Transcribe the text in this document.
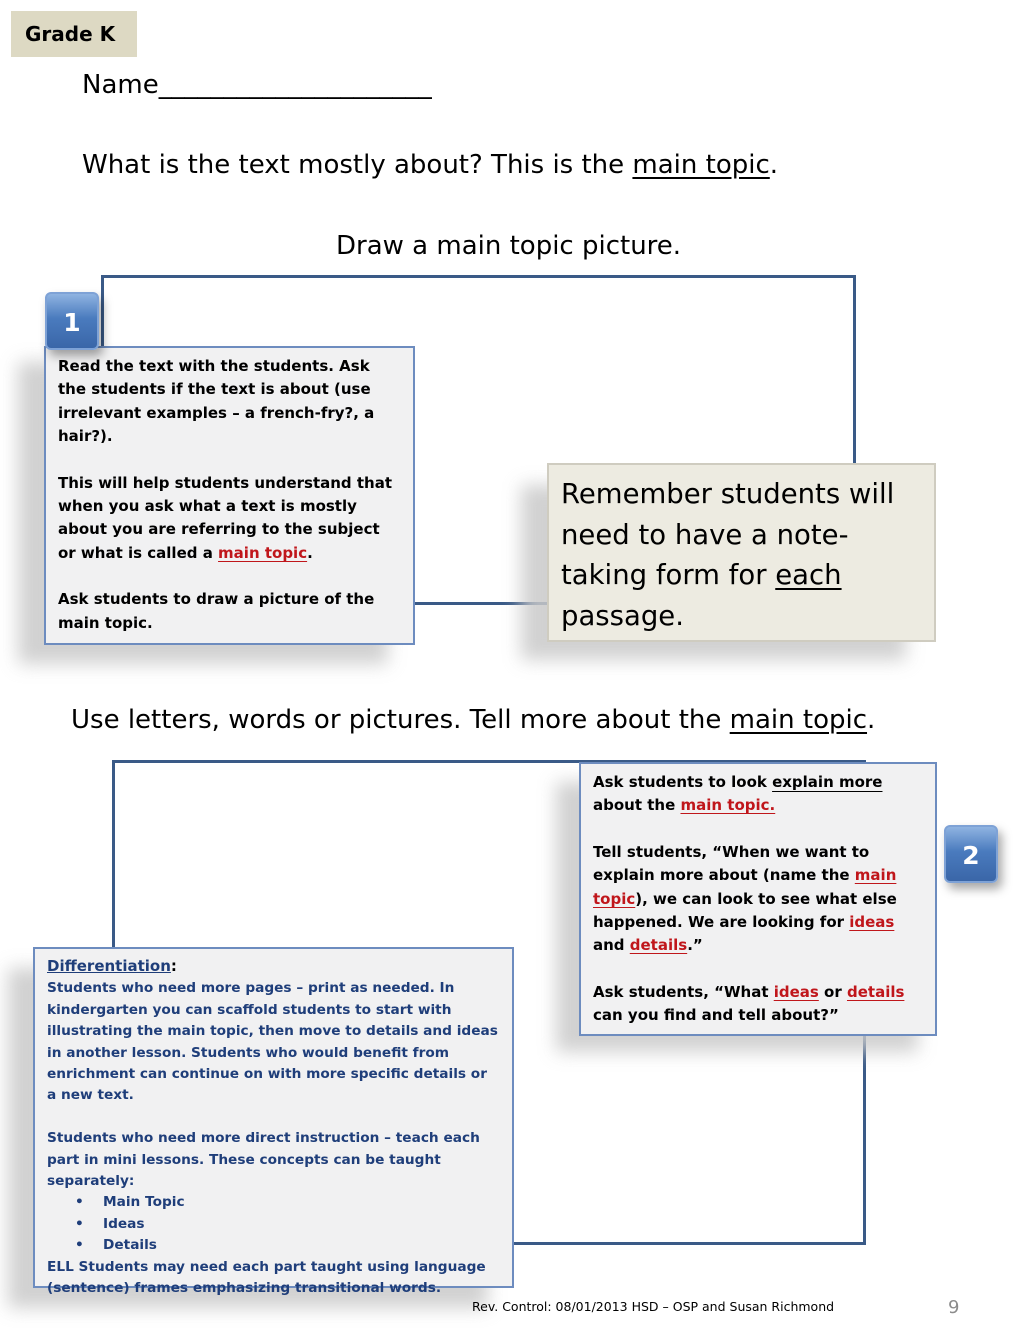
Grade K
Name_____________________
What is the text mostly about? This is the main topic.
Draw a main topic picture.

Read the text with the students. Ask the students if the text is about (use irrelevant examples – a french-fry?, a hair?).

This will help students understand that when you ask what a text is mostly about you are referring to the subject or what is called a main topic.

Ask students to draw a picture of the main topic.

1
Remember students will need to have a note-taking form for each passage.
Use letters, words or pictures. Tell more about the main topic.

Ask students to look explain more about the main topic.

Tell students, “When we want to explain more about (name the main topic), we can look to see what else happened. We are looking for ideas and details.”

Ask students, “What ideas or details can you find and tell about?”

2
Differentiation:

Students who need more pages – print as needed. In kindergarten you can scaffold students to start with illustrating the main topic, then move to details and ideas in another lesson. Students who would benefit from enrichment can continue on with more specific details or a new text.

Students who need more direct instruction – teach each part in mini lessons. These concepts can be taught separately:
• Main Topic
• Ideas
• Details
ELL Students may need each part taught using language (sentence) frames emphasizing transitional words.
Rev. Control: 08/01/2013 HSD – OSP and Susan Richmond	9
